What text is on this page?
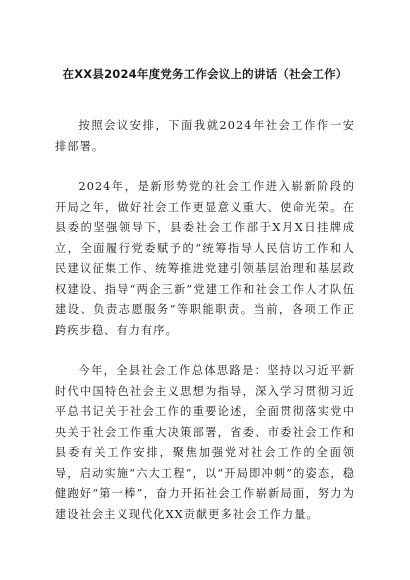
在XX县2024年度党务工作会议上的讲话（社会工作）

按照会议安排，下面我就2024年社会工作作一安排部署。

2024年，是新形势党的社会工作进入崭新阶段的开局之年，做好社会工作更显意义重大、使命光荣。在县委的坚强领导下，县委社会工作部于X月X日挂牌成立，全面履行党委赋予的“统筹指导人民信访工作和人民建议征集工作、统筹推进党建引领基层治理和基层政权建设、指导“两企三新”党建工作和社会工作人才队伍建设、负责志愿服务”等职能职责。当前，各项工作正跨疾步稳、有力有序。

今年，全县社会工作总体思路是：坚持以习近平新时代中国特色社会主义思想为指导，深入学习贯彻习近平总书记关于社会工作的重要论述，全面贯彻落实党中央关于社会工作重大决策部署，省委、市委社会工作和县委有关工作安排，聚焦加强党对社会工作的全面领导，启动实施“六大工程”，以“开局即冲刺”的姿态，稳健跑好“第一棒”，奋力开拓社会工作崭新局面，努力为建设社会主义现代化XX贡献更多社会工作力量。
